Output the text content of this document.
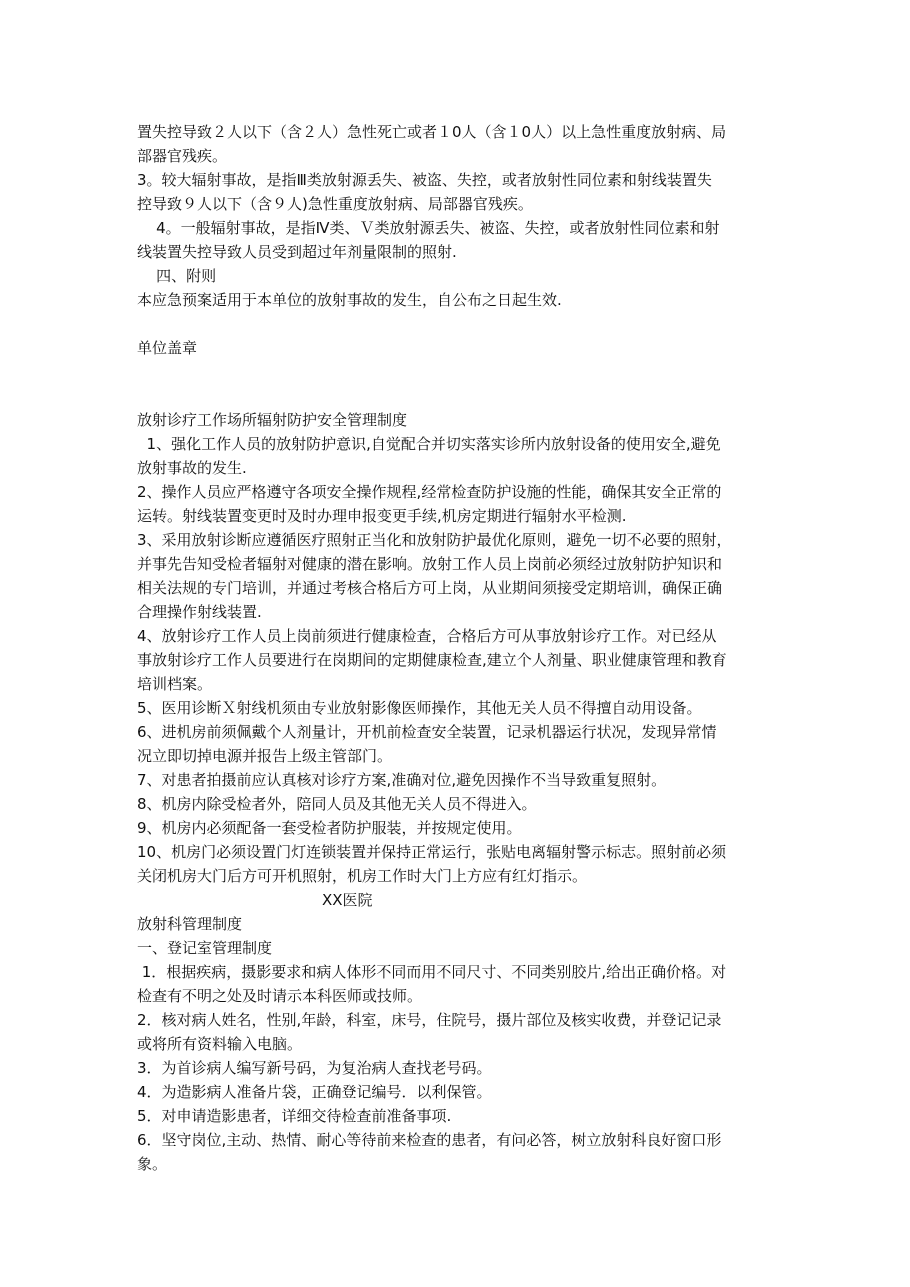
置失控导致２人以下（含２人）急性死亡或者１0人（含１0人）以上急性重度放射病、局
部器官残疾。
3。较大辐射事故，是指Ⅲ类放射源丢失、被盗、失控，或者放射性同位素和射线装置失
控导致９人以下（含９人)急性重度放射病、局部器官残疾。
4。一般辐射事故，是指Ⅳ类、Ｖ类放射源丢失、被盗、失控，或者放射性同位素和射
线装置失控导致人员受到超过年剂量限制的照射.
四、附则
本应急预案适用于本单位的放射事故的发生，自公布之日起生效.
单位盖章
放射诊疗工作场所辐射防护安全管理制度
1、强化工作人员的放射防护意识,自觉配合并切实落实诊所内放射设备的使用安全,避免
放射事故的发生.
2、操作人员应严格遵守各项安全操作规程,经常检查防护设施的性能，确保其安全正常的
运转。射线装置变更时及时办理申报变更手续,机房定期进行辐射水平检测.
3、采用放射诊断应遵循医疗照射正当化和放射防护最优化原则，避免一切不必要的照射，
并事先告知受检者辐射对健康的潜在影响。放射工作人员上岗前必须经过放射防护知识和
相关法规的专门培训，并通过考核合格后方可上岗，从业期间须接受定期培训，确保正确
合理操作射线装置.
4、放射诊疗工作人员上岗前须进行健康检查，合格后方可从事放射诊疗工作。对已经从
事放射诊疗工作人员要进行在岗期间的定期健康检查,建立个人剂量、职业健康管理和教育
培训档案。
5、医用诊断Ｘ射线机须由专业放射影像医师操作，其他无关人员不得擅自动用设备。
6、进机房前须佩戴个人剂量计，开机前检查安全装置，记录机器运行状况，发现异常情
况立即切掉电源并报告上级主管部门。
7、对患者拍摄前应认真核对诊疗方案,准确对位,避免因操作不当导致重复照射。
8、机房内除受检者外，陪同人员及其他无关人员不得进入。
9、机房内必须配备一套受检者防护服装，并按规定使用。
10、机房门必须设置门灯连锁装置并保持正常运行，张贴电离辐射警示标志。照射前必须
关闭机房大门后方可开机照射，机房工作时大门上方应有红灯指示。
XX医院
放射科管理制度
一、登记室管理制度
1．根据疾病，摄影要求和病人体形不同而用不同尺寸、不同类别胶片,给出正确价格。对
检查有不明之处及时请示本科医师或技师。
2．核对病人姓名，性别,年龄，科室，床号，住院号，摄片部位及核实收费，并登记记录
或将所有资料输入电脑。
3．为首诊病人编写新号码，为复治病人查找老号码。
4．为造影病人准备片袋，正确登记编号．以利保管。
5．对申请造影患者，详细交待检查前准备事项.
6．坚守岗位,主动、热情、耐心等待前来检查的患者，有问必答，树立放射科良好窗口形
象。
